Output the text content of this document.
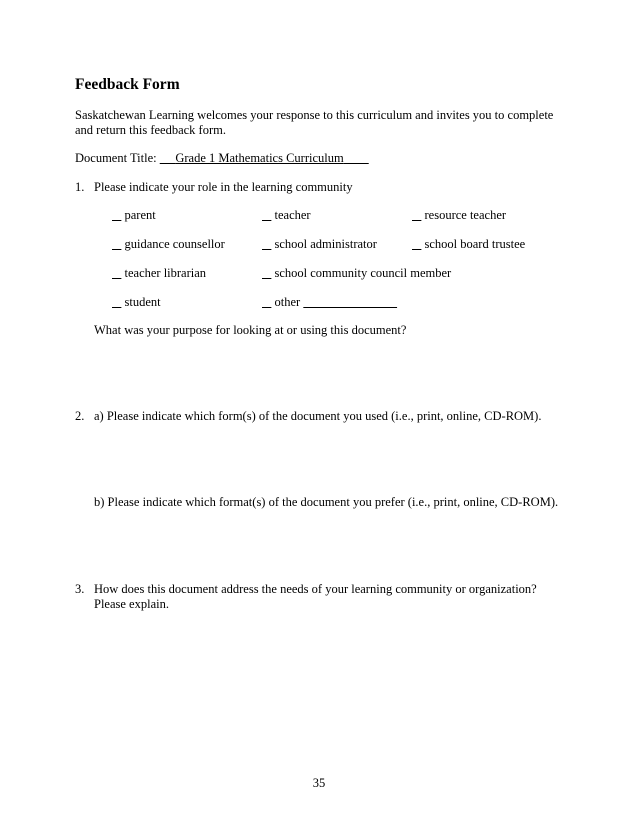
Feedback Form
Saskatchewan Learning welcomes your response to this curriculum and invites you to complete and return this feedback form.
Document Title: Grade 1 Mathematics Curriculum
1. Please indicate your role in the learning community
parent	teacher	resource teacher
guidance counsellor	school administrator	school board trustee
teacher librarian	school community council member
student	other
What was your purpose for looking at or using this document?
2. a) Please indicate which form(s) of the document you used (i.e., print, online, CD-ROM).
b) Please indicate which format(s) of the document you prefer (i.e., print, online, CD-ROM).
3. How does this document address the needs of your learning community or organization?
Please explain.
35
